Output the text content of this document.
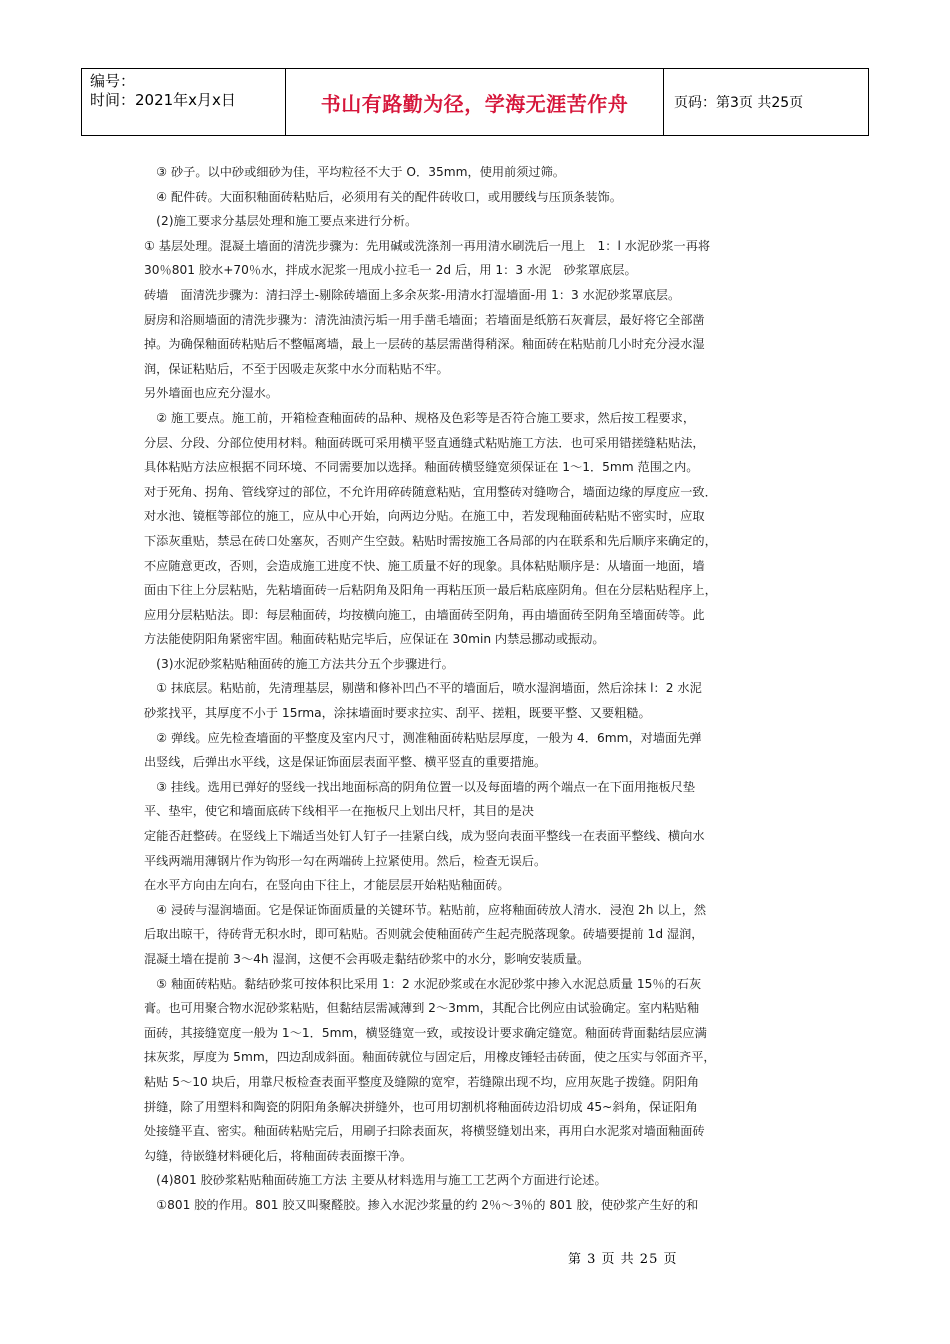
编号：
时间：2021年x月x日	书山有路勤为径，学海无涯苦作舟	页码：第3页 共25页
　③ 砂子。以中砂或细砂为佳，平均粒径不大于 O．35mm，使用前须过筛。
　④ 配件砖。大面积釉面砖粘贴后，必须用有关的配件砖收口，或用腰线与压顶条装饰。
　(2)施工要求分基层处理和施工要点来进行分析。
① 基层处理。混凝土墙面的清洗步骤为：先用碱或洗涤剂一再用清水刷洗后一甩上　1：l 水泥砂浆一再将
30％801 胶水+70％水，拌成水泥浆一甩成小拉毛一 2d 后，用 1：3 水泥　砂浆罩底层。
砖墙　面清洗步骤为：清扫浮土-剔除砖墙面上多余灰浆-用清水打湿墙面-用 1：3 水泥砂浆罩底层。
厨房和浴厕墙面的清洗步骤为：清洗油渍污垢一用手凿毛墙面；若墙面是纸筋石灰膏层，最好将它全部凿
掉。为确保釉面砖粘贴后不整幅离墙，最上一层砖的基层需凿得稍深。釉面砖在粘贴前几小时充分浸水湿
润，保证粘贴后，不至于因吸走灰浆中水分而粘贴不牢。
另外墙面也应充分湿水。
　② 施工要点。施工前，开箱检查釉面砖的品种、规格及色彩等是否符合施工要求，然后按工程要求，
分层、分段、分部位使用材料。釉面砖既可采用横平竖直通缝式粘贴施工方法．也可采用错搓缝粘贴法，
具体粘贴方法应根据不同环境、不同需要加以选择。釉面砖横竖缝宽须保证在 1～1．5mm 范围之内。
对于死角、拐角、管线穿过的部位，不允许用碎砖随意粘贴，宜用整砖对缝吻合，墙面边缘的厚度应一致．
对水池、镜框等部位的施工，应从中心开始，向两边分贴。在施工中，若发现釉面砖粘贴不密实时，应取
下添灰重贴，禁忌在砖口处塞灰，否则产生空鼓。粘贴时需按施工各局部的内在联系和先后顺序来确定的，
不应随意更改，否则，会造成施工进度不快、施工质量不好的现象。具体粘贴顺序是：从墙面一地面，墙
面由下往上分层粘贴，先粘墙面砖一后粘阴角及阳角一再粘压顶一最后粘底座阴角。但在分层粘贴程序上，
应用分层粘贴法。即：每层釉面砖，均按横向施工，由墙面砖至阴角，再由墙面砖至阴角至墙面砖等。此
方法能使阴阳角紧密牢固。釉面砖粘贴完毕后，应保证在 30min 内禁忌挪动或振动。
　(3)水泥砂浆粘贴釉面砖的施工方法共分五个步骤进行。
　① 抹底层。粘贴前，先清理基层，剔凿和修补凹凸不平的墙面后，喷水湿润墙面，然后涂抹 l：2 水泥
砂浆找平，其厚度不小于 15rma，涂抹墙面时要求拉实、刮平、搓粗，既要平整、又要粗糙。
　② 弹线。应先检查墙面的平整度及室内尺寸，测准釉面砖粘贴层厚度，一般为 4．6mm，对墙面先弹
出竖线，后弹出水平线，这是保证饰面层表面平整、横平竖直的重要措施。
　③ 挂线。选用已弹好的竖线一找出地面标高的阴角位置一以及每面墙的两个端点一在下面用拖板尺垫
平、垫牢，使它和墙面底砖下线相平一在拖板尺上划出尺杆，其目的是决
定能否赶整砖。在竖线上下端适当处钉人钉子一挂紧白线，成为竖向表面平整线一在表面平整线、横向水
平线两端用薄钢片作为钩形一勾在两端砖上拉紧使用。然后，检查无误后。
在水平方向由左向右，在竖向由下往上，才能层层开始粘贴釉面砖。
　④ 浸砖与湿润墙面。它是保证饰面质量的关键环节。粘贴前，应将釉面砖放人清水．浸泡 2h 以上，然
后取出晾干，待砖背无积水时，即可粘贴。否则就会使釉面砖产生起壳脱落现象。砖墙要提前 1d 湿润，
混凝土墙在提前 3～4h 湿润，这便不会再吸走黏结砂浆中的水分，影响安装质量。
　⑤ 釉面砖粘贴。黏结砂浆可按体积比采用 1：2 水泥砂浆或在水泥砂浆中掺入水泥总质量 15％的石灰
膏。也可用聚合物水泥砂浆粘贴，但黏结层需减薄到 2～3mm，其配合比例应由试验确定。室内粘贴釉
面砖，其接缝宽度一般为 1～1．5mm，横竖缝宽一致，或按设计要求确定缝宽。釉面砖背面黏结层应满
抹灰浆，厚度为 5mm，四边刮成斜面。釉面砖就位与固定后，用橡皮锤轻击砖面，使之压实与邻面齐平，
粘贴 5～10 块后，用靠尺板检查表面平整度及缝隙的宽窄，若缝隙出现不均，应用灰匙子拨缝。阴阳角
拼缝，除了用塑料和陶瓷的阴阳角条解决拼缝外，也可用切割机将釉面砖边沿切成 45~斜角，保证阳角
处接缝平直、密实。釉面砖粘贴完后，用刷子扫除表面灰，将横竖缝划出来，再用白水泥浆对墙面釉面砖
勾缝，待嵌缝材料硬化后，将釉面砖表面擦干净。
　(4)801 胶砂浆粘贴釉面砖施工方法 主要从材料选用与施工工艺两个方面进行论述。
　①801 胶的作用。801 胶又叫聚醛胶。掺入水泥沙浆量的约 2％～3％的 801 胶，使砂浆产生好的和
第 3 页 共 25 页
